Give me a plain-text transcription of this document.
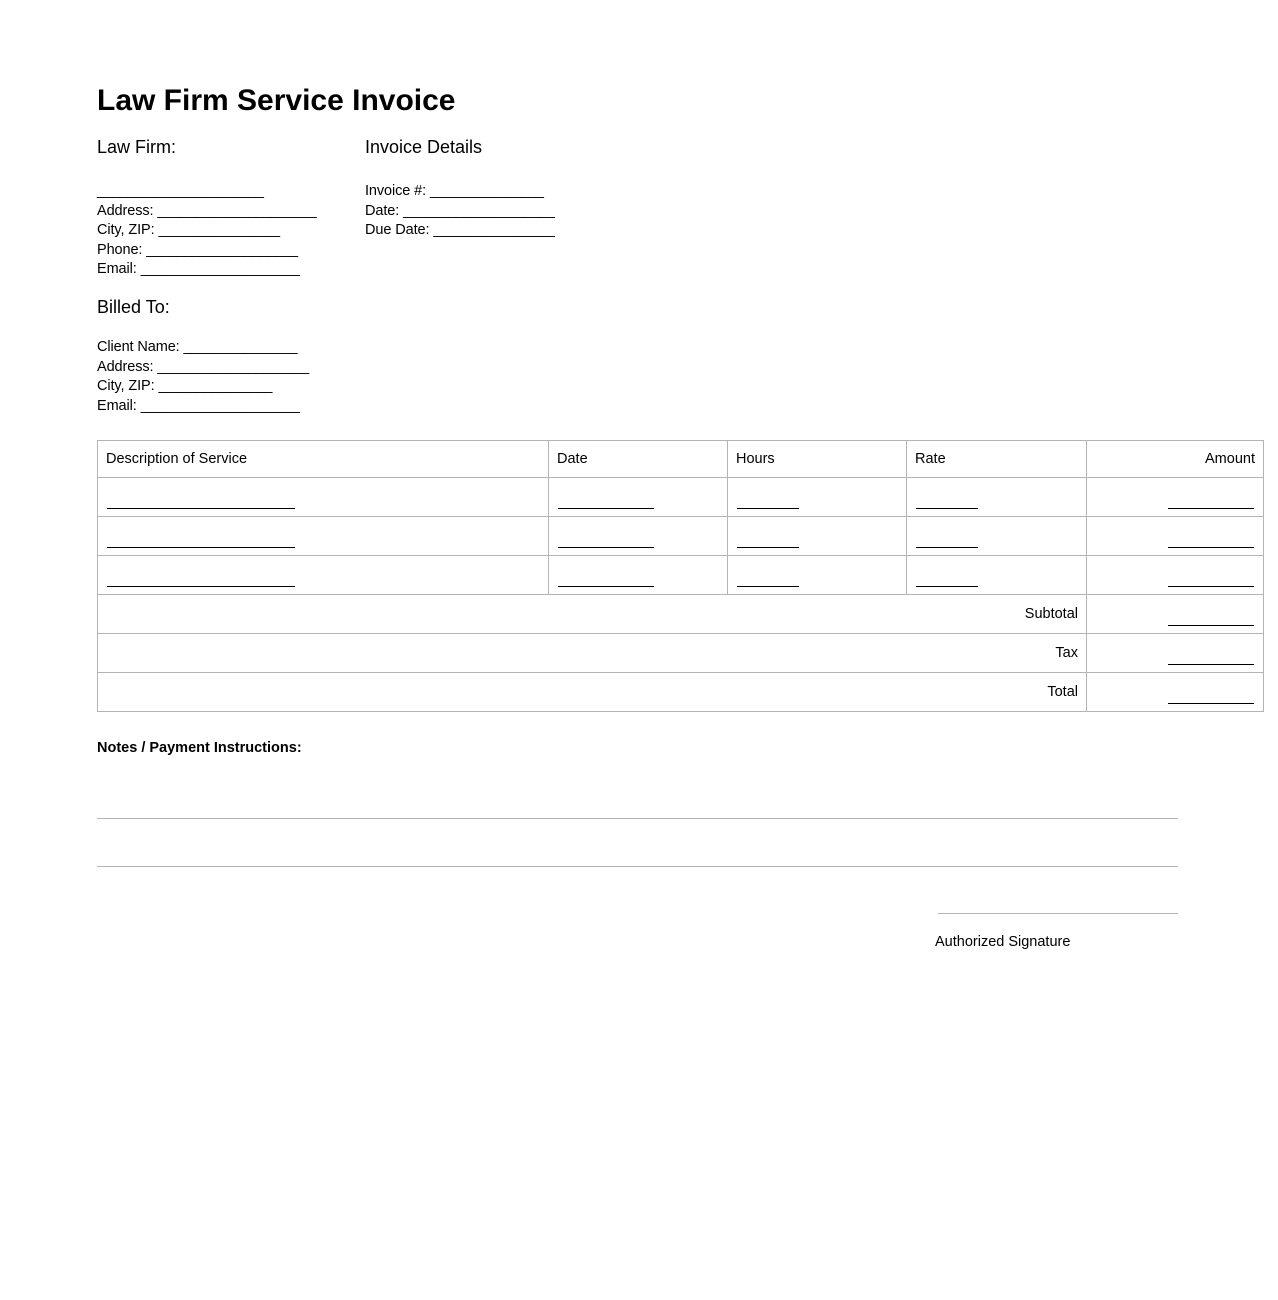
Law Firm Service Invoice
Law Firm:
______________________
Address: _____________________
City, ZIP: ________________
Phone: ____________________
Email: _____________________
Invoice Details
Invoice #: _______________
Date: ____________________
Due Date: ________________
Billed To:
Client Name: _______________
Address: ____________________
City, ZIP: _______________
Email: _____________________
Description of Service	Date	Hours	Rate	Amount

Subtotal				

Tax				

Total				
Notes / Payment Instructions:
Authorized Signature
